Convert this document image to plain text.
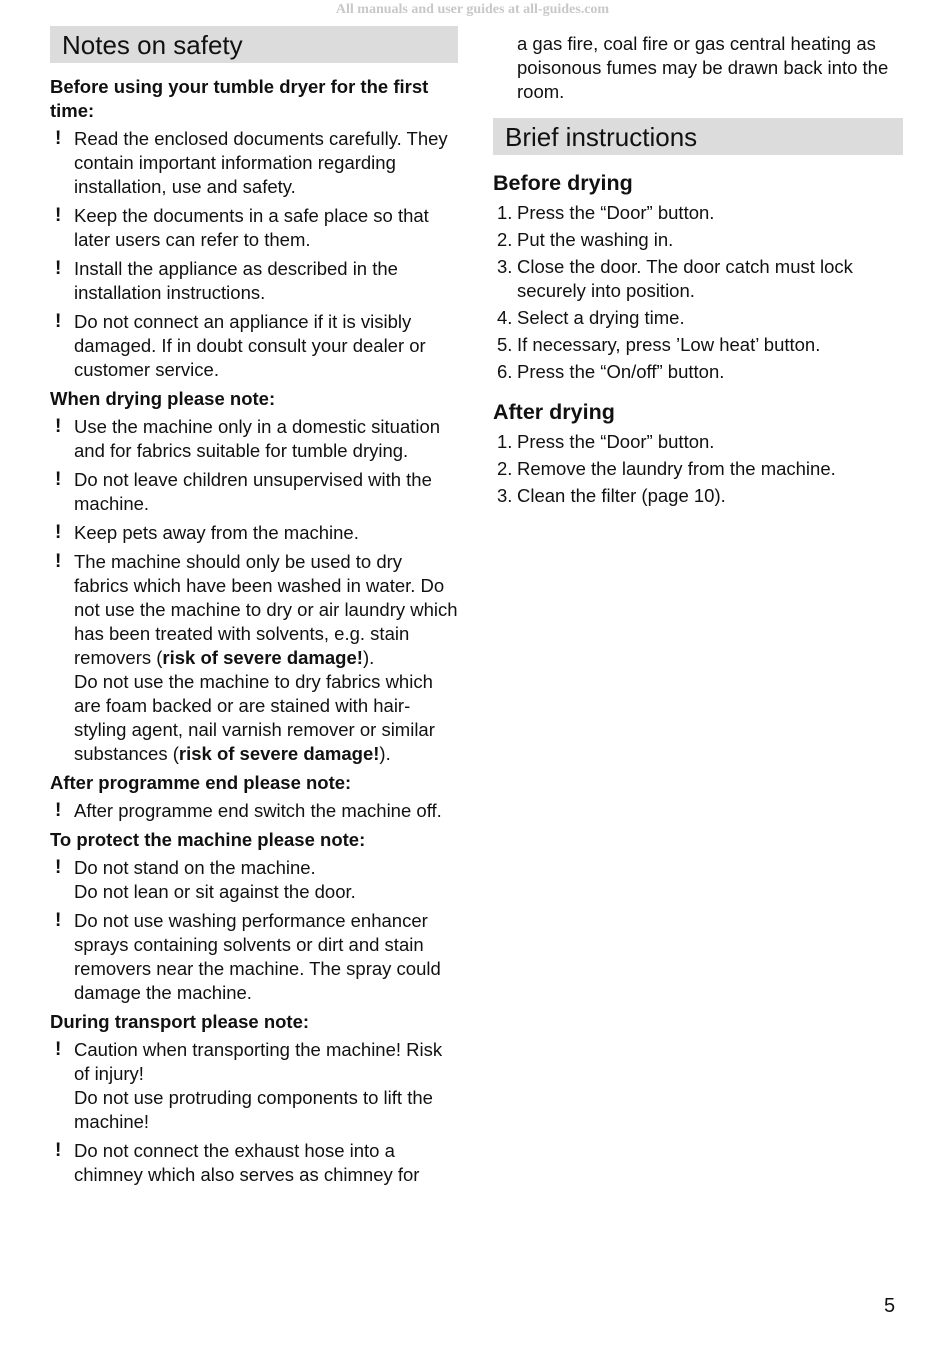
All manuals and user guides at all-guides.com
Notes on safety
Before using your tumble dryer for the first time:
! Read the enclosed documents carefully. They contain important information regarding installation, use and safety.
! Keep the documents in a safe place so that later users can refer to them.
! Install the appliance as described in the installation instructions.
! Do not connect an appliance if it is visibly damaged. If in doubt consult your dealer or customer service.
When drying please note:
! Use the machine only in a domestic situation and for fabrics suitable for tumble drying.
! Do not leave children unsupervised with the machine.
! Keep pets away from the machine.
! The machine should only be used to dry fabrics which have been washed in water. Do not use the machine to dry or air laundry which has been treated with solvents, e.g. stain removers (risk of severe damage!).
Do not use the machine to dry fabrics which are foam backed or are stained with hair-styling agent, nail varnish remover or similar substances (risk of severe damage!).
After programme end please note:
! After programme end switch the machine off.
To protect the machine please note:
! Do not stand on the machine.
Do not lean or sit against the door.
! Do not use washing performance enhancer sprays containing solvents or dirt and stain removers near the machine. The spray could damage the machine.
During transport please note:
! Caution when transporting the machine! Risk of injury!
Do not use protruding components to lift the machine!
! Do not connect the exhaust hose into a chimney which also serves as chimney for

a gas fire, coal fire or gas central heating as poisonous fumes may be drawn back into the room.

Brief instructions
Before drying
1. Press the “Door” button.
2. Put the washing in.
3. Close the door. The door catch must lock securely into position.
4. Select a drying time.
5. If necessary, press ’Low heat’ button.
6. Press the “On/off” button.
After drying
1. Press the “Door” button.
2. Remove the laundry from the machine.
3. Clean the filter (page 10).
5
